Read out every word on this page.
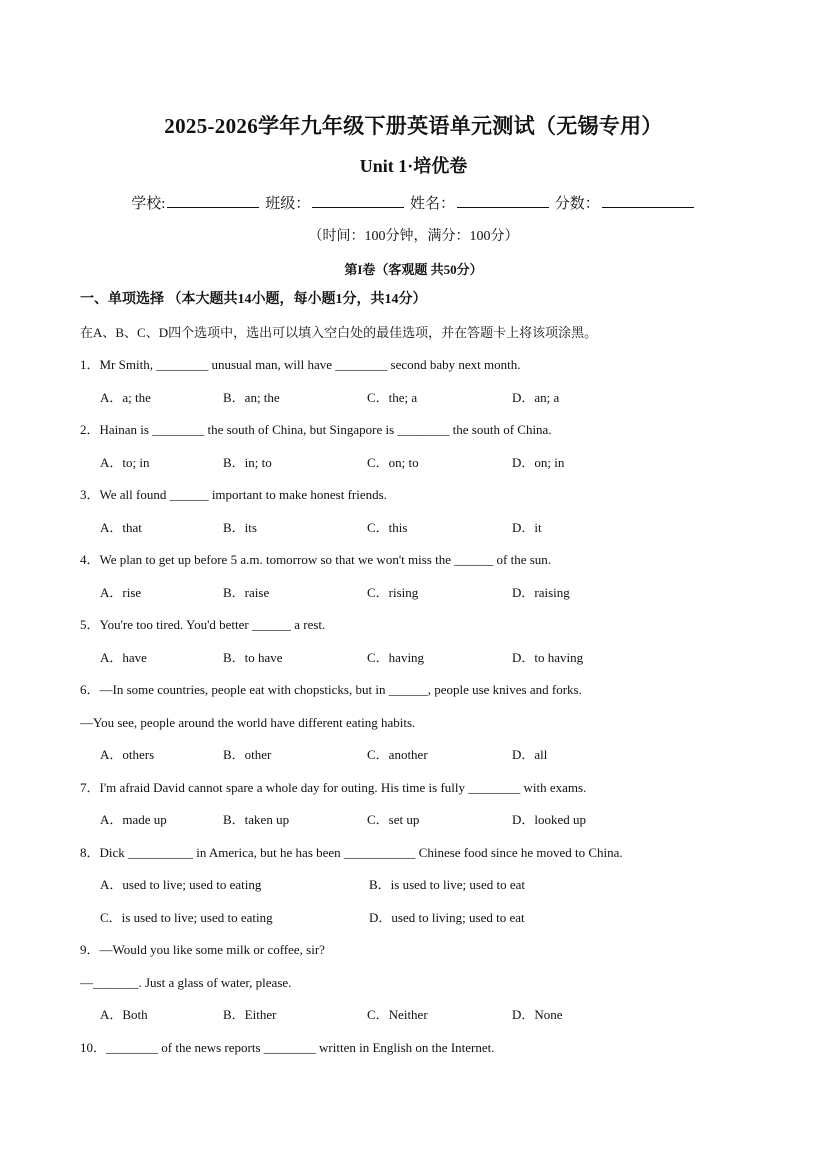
2025-2026学年九年级下册英语单元测试（无锡专用）
Unit 1·培优卷
学校:	班级：	姓名：	分数：
（时间：100分钟，满分：100分）
第I卷（客观题 共50分）
一、单项选择 （本大题共14小题，每小题1分，共14分）
在A、B、C、D四个选项中，选出可以填入空白处的最佳选项，并在答题卡上将该项涂黑。
1．Mr Smith, ________ unusual man, will have ________ second baby next month.
A．a; the	B．an; the	C．the; a	D．an; a
2．Hainan is ________ the south of China, but Singapore is ________ the south of China.
A．to; in	B．in; to	C．on; to	D．on; in
3．We all found ______ important to make honest friends.
A．that	B．its	C．this	D．it
4．We plan to get up before 5 a.m. tomorrow so that we won't miss the ______ of the sun.
A．rise	B．raise	C．rising	D．raising
5．You're too tired. You'd better ______ a rest.
A．have	B．to have	C．having	D．to having
6．—In some countries, people eat with chopsticks, but in ______, people use knives and forks.
—You see, people around the world have different eating habits.
A．others	B．other	C．another	D．all
7．I'm afraid David cannot spare a whole day for outing. His time is fully ________ with exams.
A．made up	B．taken up	C．set up	D．looked up
8．Dick __________ in America, but he has been ___________ Chinese food since he moved to China.
A．used to live; used to eating	B．is used to live; used to eat
C．is used to live; used to eating	D．used to living; used to eat
9．—Would you like some milk or coffee, sir?
—_______. Just a glass of water, please.
A．Both	B．Either	C．Neither	D．None
10．________ of the news reports ________ written in English on the Internet.
